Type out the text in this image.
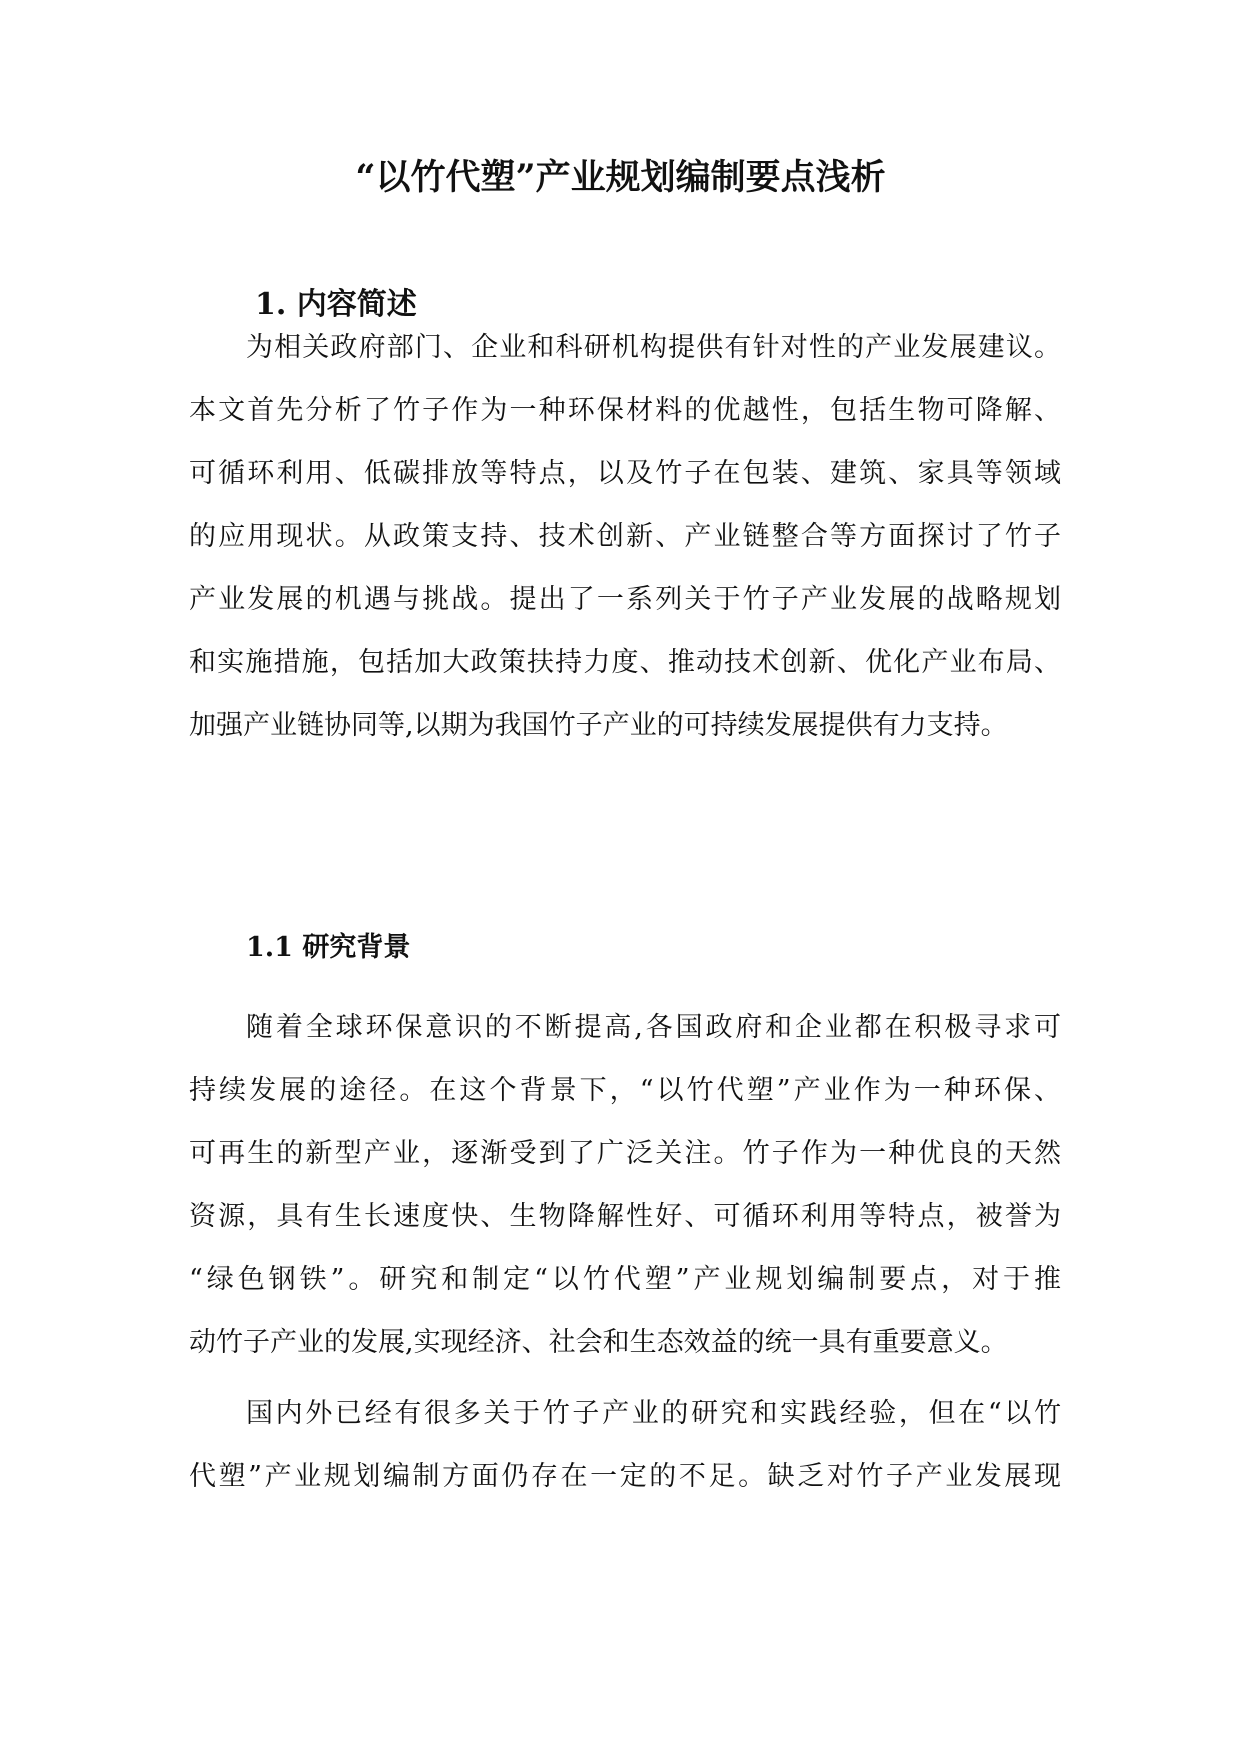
“以竹代塑”产业规划编制要点浅析
1. 内容简述

为相关政府部门、企业和科研机构提供有针对性的产业发展建议。

本文首先分析了竹子作为一种环保材料的优越性，包括生物可降解、

可循环利用、低碳排放等特点，以及竹子在包装、建筑、家具等领域

的应用现状。从政策支持、技术创新、产业链整合等方面探讨了竹子

产业发展的机遇与挑战。提出了一系列关于竹子产业发展的战略规划

和实施措施，包括加大政策扶持力度、推动技术创新、优化产业布局、

加强产业链协同等,以期为我国竹子产业的可持续发展提供有力支持。

1.1 研究背景

随着全球环保意识的不断提高,各国政府和企业都在积极寻求可

持续发展的途径。在这个背景下，“以竹代塑”产业作为一种环保、

可再生的新型产业，逐渐受到了广泛关注。竹子作为一种优良的天然

资源，具有生长速度快、生物降解性好、可循环利用等特点，被誉为

“绿色钢铁”。研究和制定“以竹代塑”产业规划编制要点，对于推

动竹子产业的发展,实现经济、社会和生态效益的统一具有重要意义。

国内外已经有很多关于竹子产业的研究和实践经验，但在“以竹

代塑”产业规划编制方面仍存在一定的不足。缺乏对竹子产业发展现
